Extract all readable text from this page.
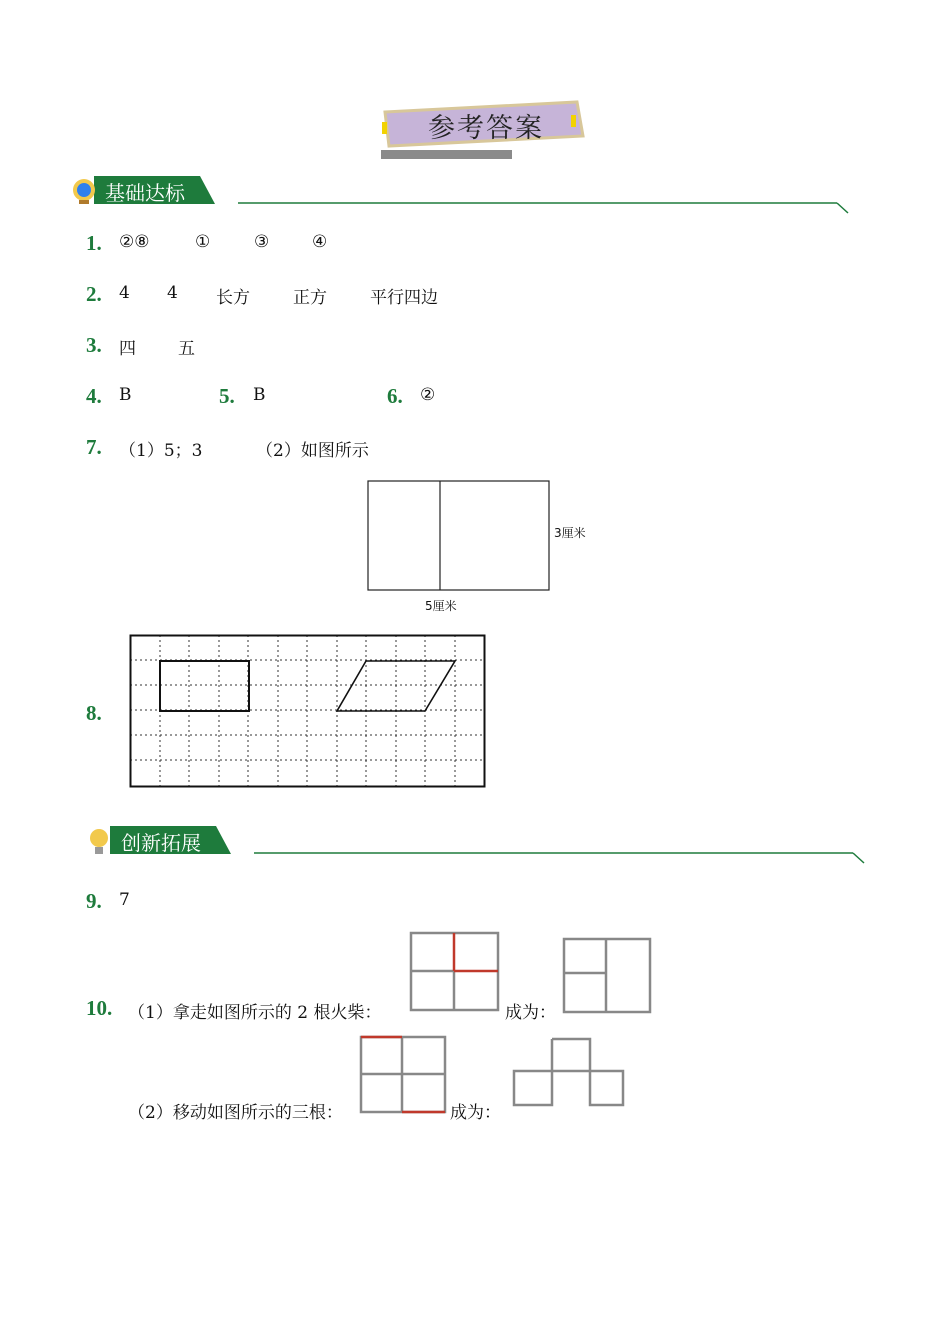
参考答案
基础达标
1. ②⑧	①	③	④
2. 4 4 长方	正方	平行四边
3. 四 五
4. B	5. B	6. ②
7. （1）5；3	（2）如图所示
3厘米
5厘米
8.
创新拓展
9. 7
10. （1）拿走如图所示的 2 根火柴：	成为：
（2）移动如图所示的三根：	成为：
